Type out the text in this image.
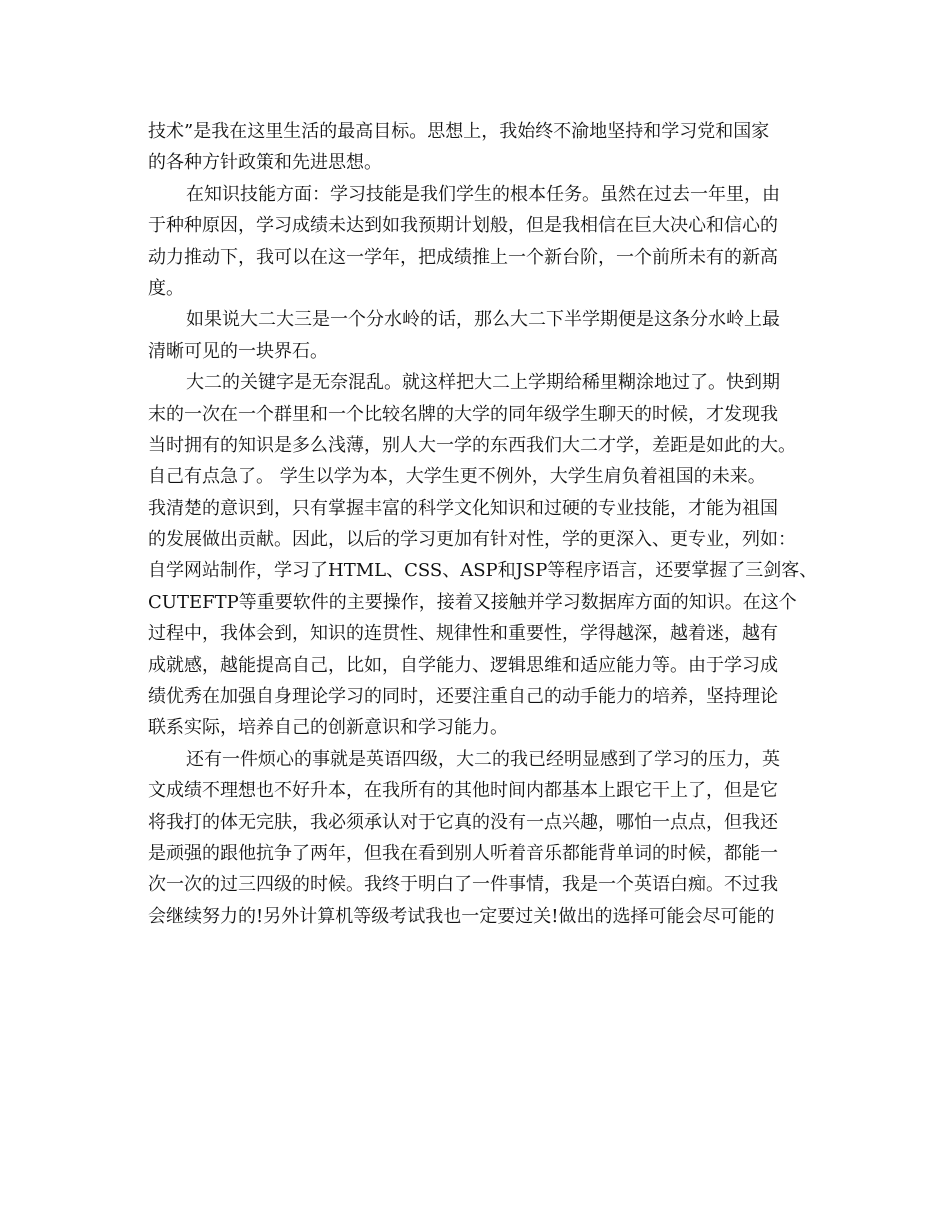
技术”是我在这里生活的最高目标。思想上，我始终不渝地坚持和学习党和国家
的各种方针政策和先进思想。
在知识技能方面：学习技能是我们学生的根本任务。虽然在过去一年里，由
于种种原因，学习成绩未达到如我预期计划般，但是我相信在巨大决心和信心的
动力推动下，我可以在这一学年，把成绩推上一个新台阶，一个前所未有的新高
度。
如果说大二大三是一个分水岭的话，那么大二下半学期便是这条分水岭上最
清晰可见的一块界石。
大二的关键字是无奈混乱。就这样把大二上学期给稀里糊涂地过了。快到期
末的一次在一个群里和一个比较名牌的大学的同年级学生聊天的时候，才发现我
当时拥有的知识是多么浅薄，别人大一学的东西我们大二才学，差距是如此的大。
自己有点急了。 学生以学为本，大学生更不例外，大学生肩负着祖国的未来。
我清楚的意识到，只有掌握丰富的科学文化知识和过硬的专业技能，才能为祖国
的发展做出贡献。因此，以后的学习更加有针对性，学的更深入、更专业，列如：
自学网站制作，学习了HTML、CSS、ASP和JSP等程序语言，还要掌握了三剑客、
CUTEFTP等重要软件的主要操作，接着又接触并学习数据库方面的知识。在这个
过程中，我体会到，知识的连贯性、规律性和重要性，学得越深，越着迷，越有
成就感，越能提高自己，比如，自学能力、逻辑思维和适应能力等。由于学习成
绩优秀在加强自身理论学习的同时，还要注重自己的动手能力的培养，坚持理论
联系实际，培养自己的创新意识和学习能力。
还有一件烦心的事就是英语四级，大二的我已经明显感到了学习的压力，英
文成绩不理想也不好升本，在我所有的其他时间内都基本上跟它干上了，但是它
将我打的体无完肤，我必须承认对于它真的没有一点兴趣，哪怕一点点，但我还
是顽强的跟他抗争了两年，但我在看到别人听着音乐都能背单词的时候，都能一
次一次的过三四级的时候。我终于明白了一件事情，我是一个英语白痴。不过我
会继续努力的!另外计算机等级考试我也一定要过关!做出的选择可能会尽可能的
